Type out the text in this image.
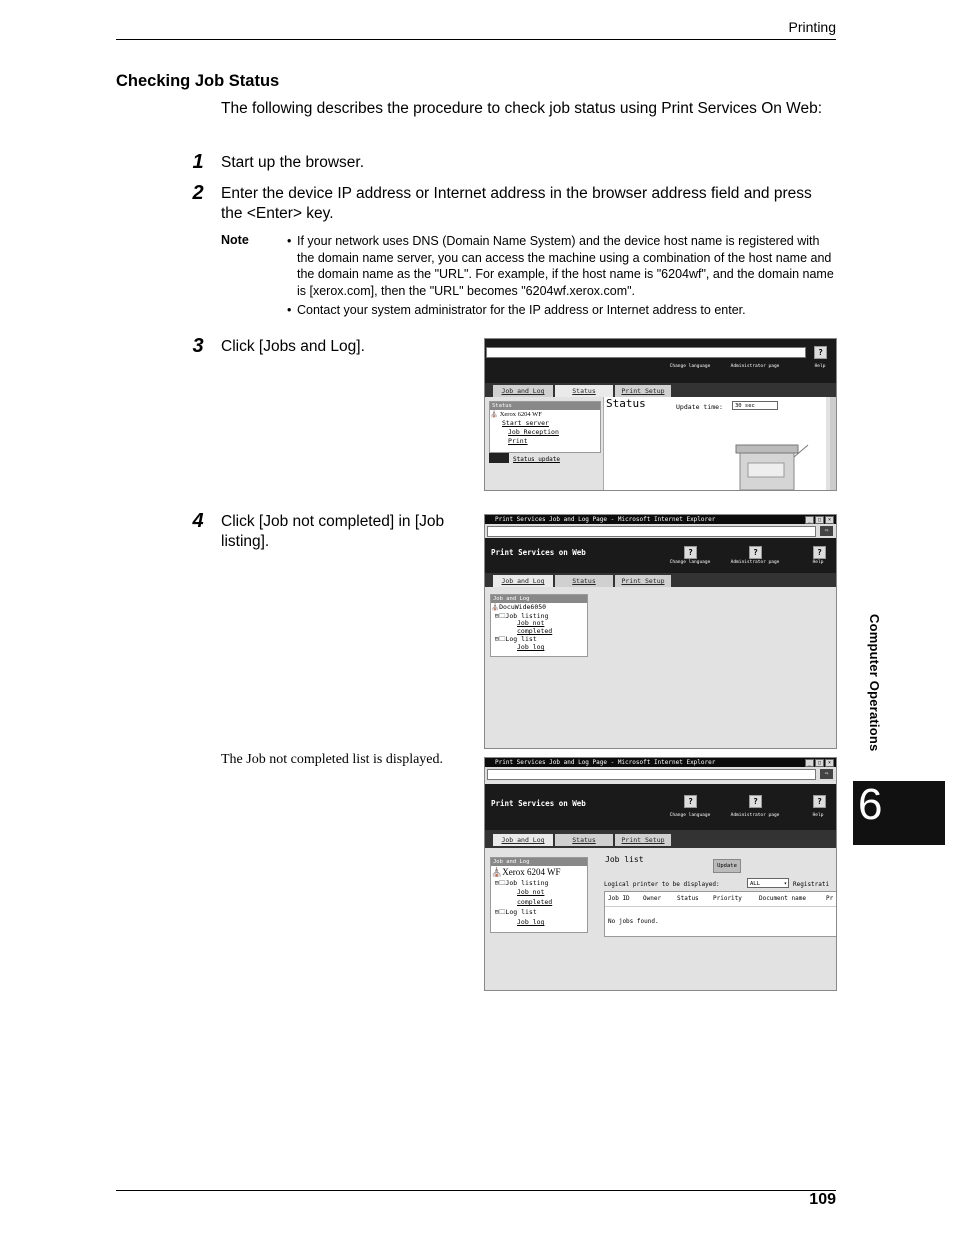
Printing
Checking Job Status
The following describes the procedure to check job status using Print Services On Web:
1 Start up the browser.
2 Enter the device IP address or Internet address in the browser address field and press the <Enter> key.
Note	• If your network uses DNS (Domain Name System) and the device host name is registered with the domain name server, you can access the machine using a combination of the host name and the domain name as the "URL". For example, if the host name is "6204wf", and the domain name is [xerox.com], then the "URL" becomes "6204wf.xerox.com".
• Contact your system administrator for the IP address or Internet address to enter.
3 Click [Jobs and Log].	?
Change language	Administrator page	Help
Job and Log	Status	Print Setup
Status
⛪ Xerox 6204 WF
Start server
Job Reception
Print
Status update
Status	Update time:	30 sec
4 Click [Job not completed] in [Job listing].
Print Services Job and Log Page - Microsoft Internet Explorer	_	□	×
⇨
Print Services on Web	?	?	?
Change language	Administrator page	Help
Job and Log	Status	Print Setup
Job and Log
⛪DocuWide6050
⊟🗀Job listing
Job not
completed
⊟🗀Log list
Job log
The Job not completed list is displayed.	Print Services Job and Log Page - Microsoft Internet Explorer	_	□	×
⇨
Print Services on Web	?	?	?
Change language	Administrator page	Help
Job and Log	Status	Print Setup
Job and Log
⛪Xerox 6204 WF
⊟🗀Job listing
Job not
completed
⊟🗀Log list
Job log
Job list
Update
Logical printer to be displayed:	ALL	▾ Registrati
Job ID Owner	Status Priority	Document name	Pr
No jobs found.
Computer Operations
6
109
